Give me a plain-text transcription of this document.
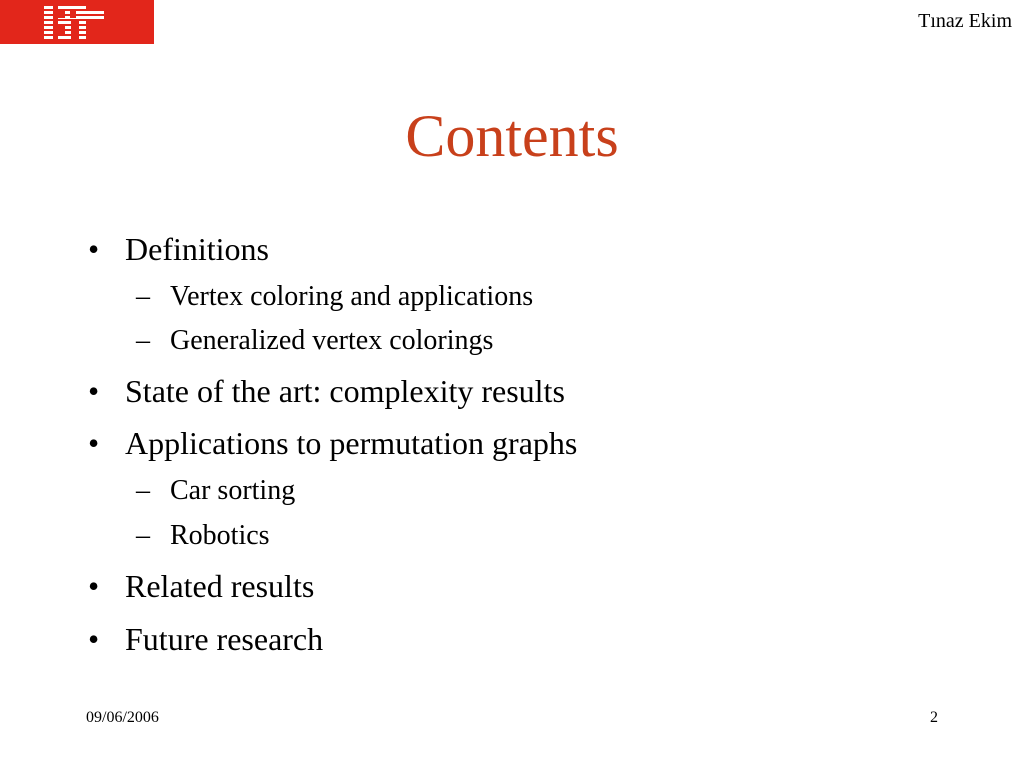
Tınaz Ekim
Contents
• Definitions
– Vertex coloring and applications
– Generalized vertex colorings
• State of the art: complexity results
• Applications to permutation graphs
– Car sorting
– Robotics
• Related results
• Future research
09/06/2006	2
